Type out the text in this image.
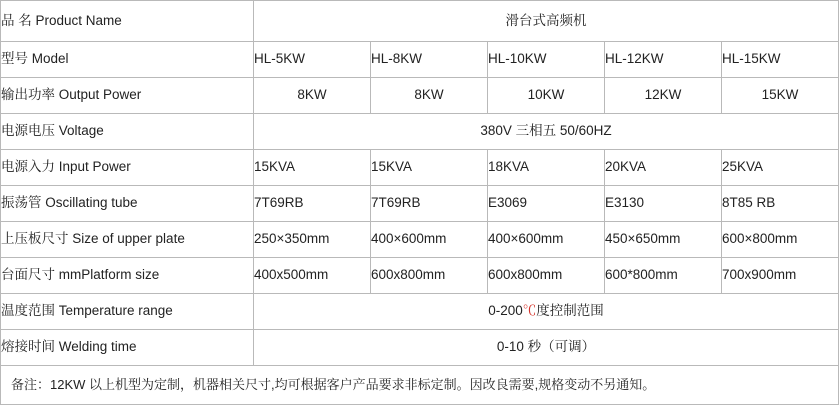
品 名 Product Name	滑台式高频机				
型号 Model	HL-5KW	HL-8KW	HL-10KW	HL-12KW	HL-15KW
输出功率 Output Power	8KW	8KW	10KW	12KW	15KW
电源电压 Voltage	380V 三相五 50/60HZ				
电源入力 Input Power	15KVA	15KVA	18KVA	20KVA	25KVA
振荡管 Oscillating tube	7T69RB	7T69RB	E3069	E3130	8T85 RB
上压板尺寸 Size of upper plate	250×350mm	400×600mm	400×600mm	450×650mm	600×800mm
台面尺寸 mmPlatform size	400x500mm	600x800mm	600x800mm	600*800mm	700x900mm
温度范围 Temperature range	0-200℃度控制范围				
熔接时间 Welding time	0-10 秒（可调）				
备注：12KW 以上机型为定制，机器相关尺寸,均可根据客户产品要求非标定制。因改良需要,规格变动不另通知。					
